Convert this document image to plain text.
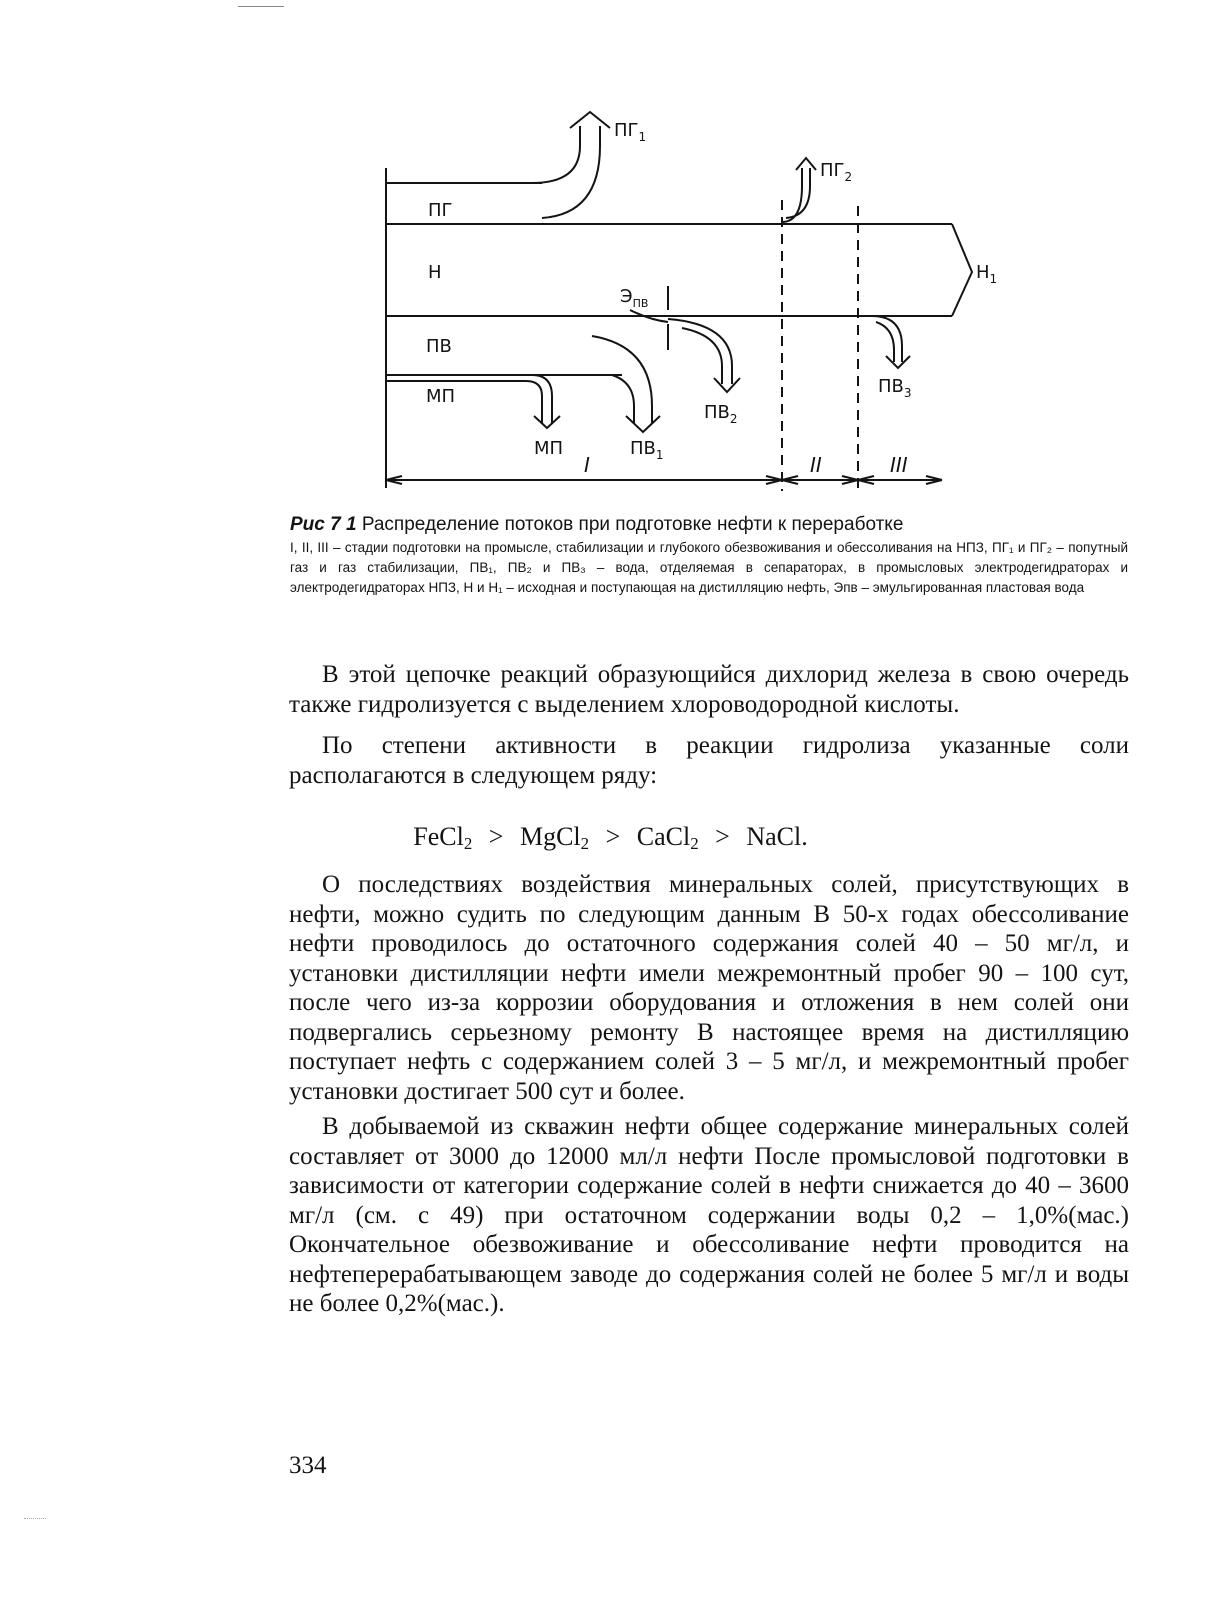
ПГ
$ПГ_1$
$ПГ_2$
Н	$Н_1$
$Э_{ПВ}$
ПВ
МП
МП	$ПВ_1$
$ПВ_2$
$ПВ_3$
I	II	III

Рис 7 1 Распределение потоков при подготовке нефти к переработке

I, II, III – стадии подготовки на промысле, стабилизации и глубокого обезвоживания и обессоливания на НПЗ, ПГ₁ и ПГ₂ – попутный газ и газ стабилизации, ПВ₁, ПВ₂ и ПВ₃ – вода, отделяемая в сепараторах, в промысловых электродегидраторах и электродегидраторах НПЗ, Н и Н₁ – исходная и поступающая на дистилляцию нефть, Эпв – эмульгированная пластовая вода

В этой цепочке реакций образующийся дихлорид железа в свою очередь также гидролизуется с выделением хлороводородной кислоты.

По степени активности в реакции гидролиза указанные соли располагаются в следующем ряду:

FeCl$_2$ > MgCl$_2$ > CaCl$_2$ > NaCl.

О последствиях воздействия минеральных солей, присутствующих в нефти, можно судить по следующим данным В 50-х годах обессоливание нефти проводилось до остаточного содержания солей 40 – 50 мг/л, и установки дистилляции нефти имели межремонтный пробег 90 – 100 сут, после чего из-за коррозии оборудования и отложения в нем солей они подвергались серьезному ремонту В настоящее время на дистилляцию поступает нефть с содержанием солей 3 – 5 мг/л, и межремонтный пробег установки достигает 500 сут и более.

В добываемой из скважин нефти общее содержание минеральных солей составляет от 3000 до 12000 мл/л нефти После промысловой подготовки в зависимости от категории содержание солей в нефти снижается до 40 – 3600 мг/л (см. с 49) при остаточном содержании воды 0,2 – 1,0%(мас.) Окончательное обезвоживание и обессоливание нефти проводится на нефтеперерабатывающем заводе до содержания солей не более 5 мг/л и воды не более 0,2%(мас.).

334
